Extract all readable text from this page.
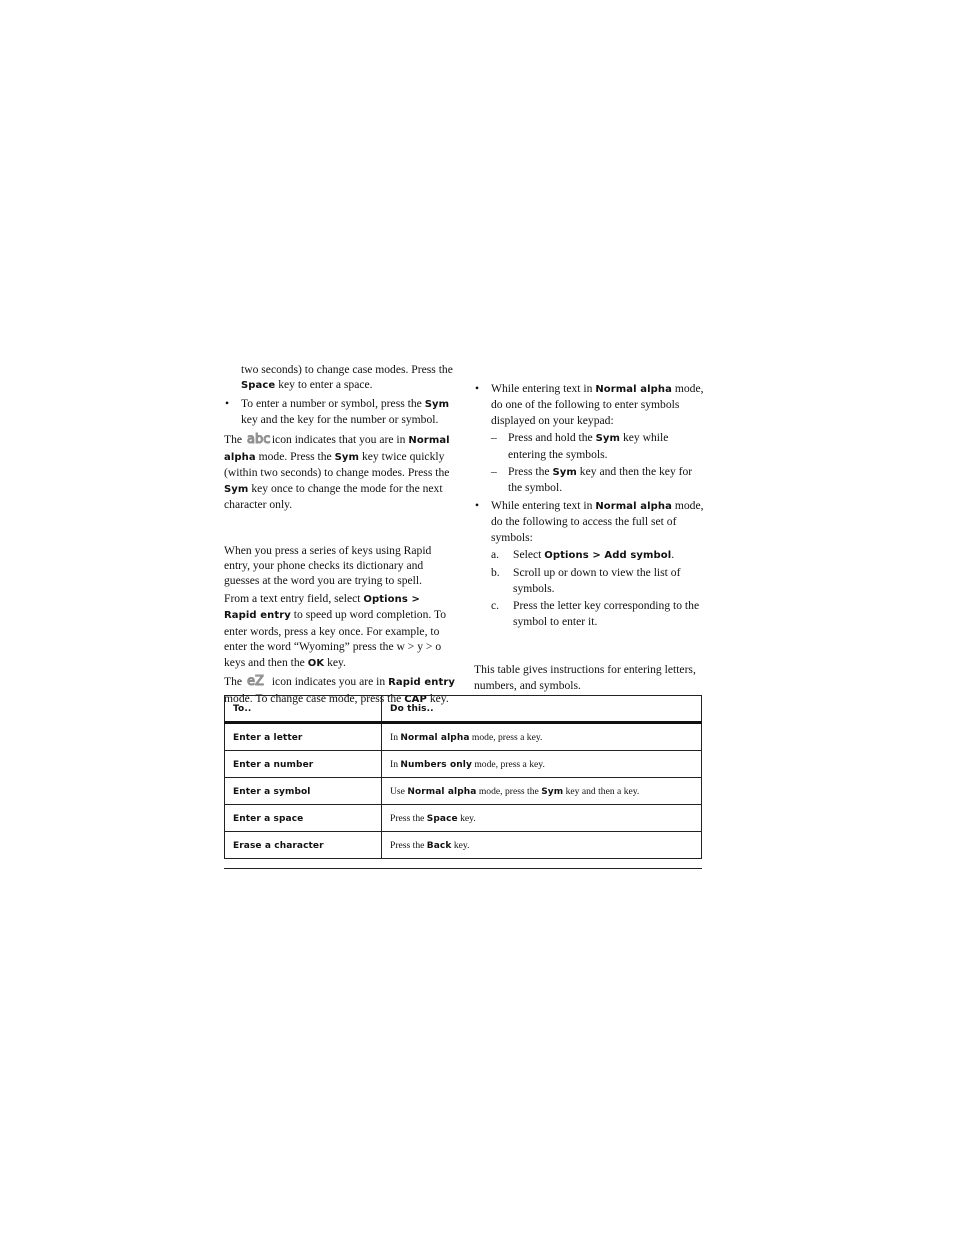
two seconds) to change case modes. Press the Space key to enter a space.

• To enter a number or symbol, press the Sym key and the key for the number or symbol.

The abc
icon indicates that you are in Normal alpha mode. Press the Sym key twice quickly (within two seconds) to change modes. Press the Sym key once to change the mode for the next character only.

When you press a series of keys using Rapid entry, your phone checks its dictionary and guesses at the word you are trying to spell.

From a text entry field, select Options > Rapid entry to speed up word completion. To enter words, press a key once. For example, to enter the word “Wyoming” press the w > y > o keys and then the OK key.

The eZ icon indicates you are in Rapid entry mode. To change case mode, press the CAP key.

• While entering text in Normal alpha mode, do one of the following to enter symbols displayed on your keypad:

– Press and hold the Sym key while entering the symbols.

– Press the Sym key and then the key for the symbol.

• While entering text in Normal alpha mode, do the following to access the full set of symbols:

a. Select Options > Add symbol.

b. Scroll up or down to view the list of symbols.

c. Press the letter key corresponding to the symbol to enter it.

This table gives instructions for entering letters, numbers, and symbols.

To..	Do this..
Enter a letter	In Normal alpha mode, press a key.
Enter a number	In Numbers only mode, press a key.
Enter a symbol	Use Normal alpha mode, press the Sym key and then a key.
Enter a space	Press the Space key.
Erase a character	Press the Back key.
